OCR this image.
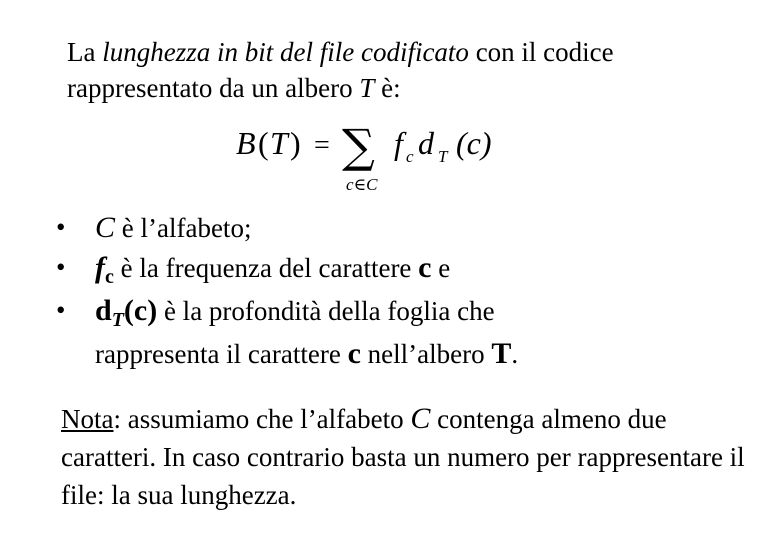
La lunghezza in bit del file codificato con il codice rappresentato da un albero T è:
B ( T ) = ∑
c∈C
f c d T (c)
• C è l’alfabeto;
• $f_c$ è la frequenza del carattere c e
• $d_T(c)$ è la profondità della foglia che
rappresenta il carattere c nell’albero T.
Nota: assumiamo che l’alfabeto C contenga almeno due caratteri. In caso contrario basta un numero per rappresentare il file: la sua lunghezza.
